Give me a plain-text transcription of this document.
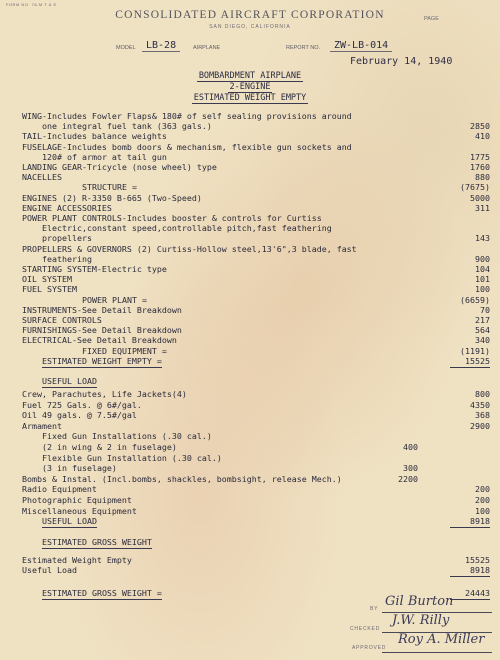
FORM NO. 78-M T & E
CONSOLIDATED AIRCRAFT CORPORATION
SAN DIEGO, CALIFORNIA
PAGE
MODEL	LB-28	AIRPLANE	REPORT NO.	ZW-LB-014
February 14, 1940
BOMBARDMENT AIRPLANE
2-ENGINE
ESTIMATED WEIGHT EMPTY
WING-Includes Fowler Flaps& 180# of self sealing provisions around
one integral fuel tank (363 gals.)	2850
TAIL-Includes balance weights	410
FUSELAGE-Includes bomb doors & mechanism, flexible gun sockets and
120# of armor at tail gun	1775
LANDING GEAR-Tricycle (nose wheel) type	1760
NACELLES	880
STRUCTURE =	(7675)
ENGINES (2) R-3350 B-665 (Two-Speed)	5000
ENGINE ACCESSORIES	311
POWER PLANT CONTROLS-Includes booster & controls for Curtiss
Electric,constant speed,controllable pitch,fast feathering
propellers	143
PROPELLERS & GOVERNORS (2) Curtiss-Hollow steel,13'6",3 blade, fast
feathering	900
STARTING SYSTEM-Electric type	104
OIL SYSTEM	101
FUEL SYSTEM	100
POWER PLANT =	(6659)
INSTRUMENTS-See Detail Breakdown	70
SURFACE CONTROLS	217
FURNISHINGS-See Detail Breakdown	564
ELECTRICAL-See Detail Breakdown	340
FIXED EQUIPMENT =	(1191)
ESTIMATED WEIGHT EMPTY =	15525
USEFUL LOAD
Crew, Parachutes, Life Jackets(4)	800
Fuel 725 Gals. @ 6#/gal.	4350
Oil 49 gals. @ 7.5#/gal	368
Armament	2900
Fixed Gun Installations (.30 cal.)
(2 in wing & 2 in fuselage)	400
Flexible Gun Installation (.30 cal.)
(3 in fuselage)	300
Bombs & Instal. (Incl.bombs, shackles, bombsight, release Mech.)	2200
Radio Equipment	200
Photographic Equipment	200
Miscellaneous Equipment	100
USEFUL LOAD	8918
ESTIMATED GROSS WEIGHT
Estimated Weight Empty	15525
Useful Load	8918
ESTIMATED GROSS WEIGHT =	24443
BY Gil Burton
CHECKED
J.W. Rilly
APPROVED
Roy A. Miller
